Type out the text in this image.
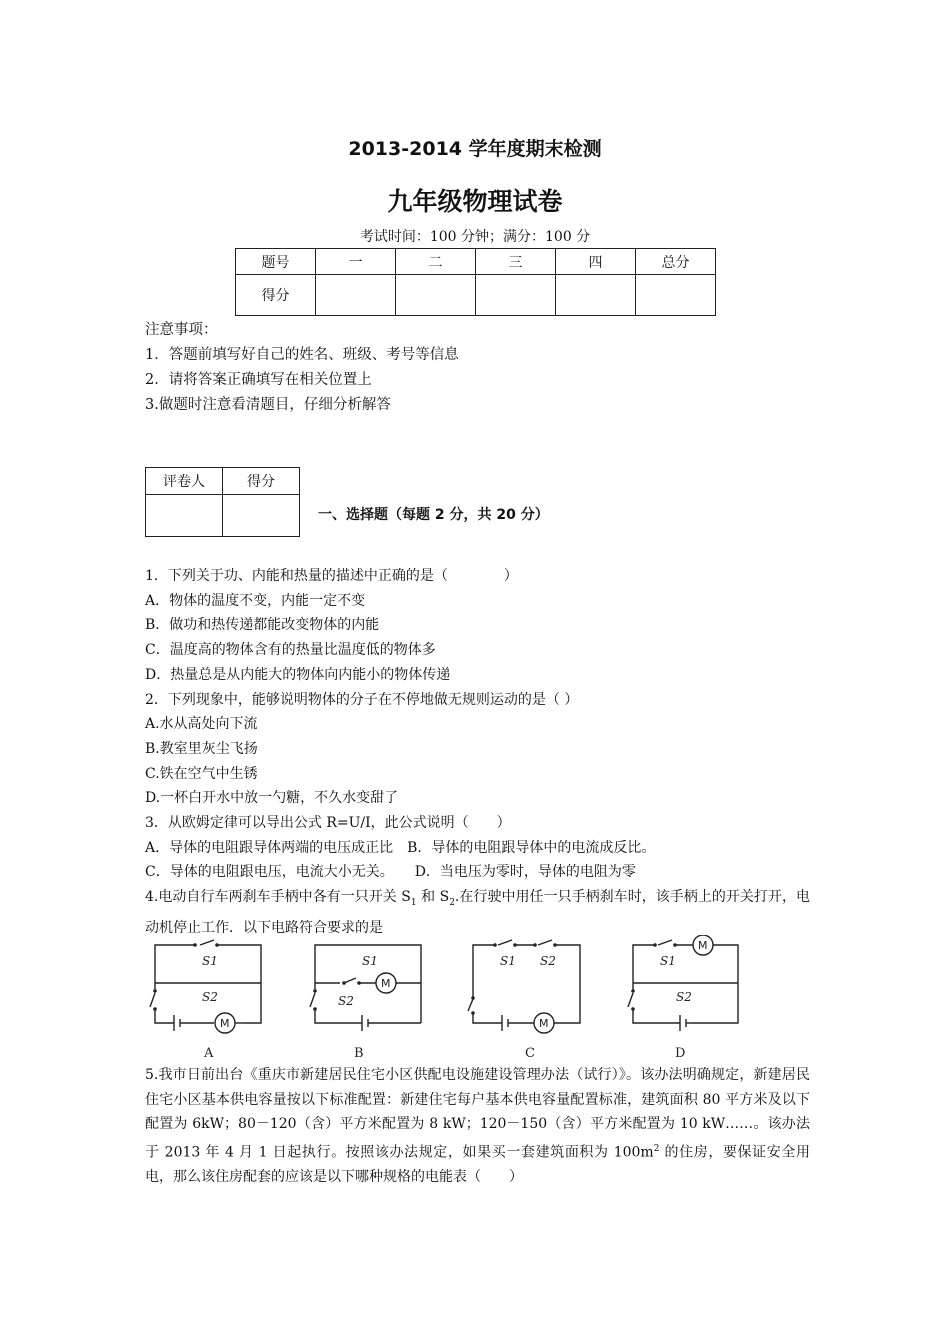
2013-2014 学年度期末检测
九年级物理试卷
考试时间：100 分钟；满分：100 分
题号	一	二	三	四	总分
得分					
注意事项：
1．答题前填写好自己的姓名、班级、考号等信息
2．请将答案正确填写在相关位置上
3.做题时注意看清题目，仔细分析解答
评卷人	得分

一、选择题（每题 2 分，共 20 分）
1．下列关于功、内能和热量的描述中正确的是（　　　　）
A．物体的温度不变，内能一定不变
B．做功和热传递都能改变物体的内能
C．温度高的物体含有的热量比温度低的物体多
D．热量总是从内能大的物体向内能小的物体传递
2．下列现象中，能够说明物体的分子在不停地做无规则运动的是（ ）
A.水从高处向下流
B.教室里灰尘飞扬
C.铁在空气中生锈
D.一杯白开水中放一勺糖，不久水变甜了
3．从欧姆定律可以导出公式 R=U/I，此公式说明（　　）
A．导体的电阻跟导体两端的电压成正比　B．导体的电阻跟导体中的电流成反比。
C．导体的电阻跟电压，电流大小无关。　　D．当电压为零时，导体的电阻为零
4.电动自行车两刹车手柄中各有一只开关 $S_1$ 和 $S_2$.在行驶中用任一只手柄刹车时，该手柄上的开关打开，电动机停止工作．以下电路符合要求的是
S1
S2
M
A
S1
S2
M
B
S1 S2
M
C
S1
S2
M
D
5.我市日前出台《重庆市新建居民住宅小区供配电设施建设管理办法（试行）》。该办法明确规定，新建居民住宅小区基本供电容量按以下标准配置：新建住宅每户基本供电容量配置标准，建筑面积 80 平方米及以下配置为 6kW；80－120（含）平方米配置为 8 kW；120－150（含）平方米配置为 10 kW……。该办法于 2013 年 4 月 1 日起执行。按照该办法规定，如果买一套建筑面积为 $100m^2$ 的住房，要保证安全用电，那么该住房配套的应该是以下哪种规格的电能表（　　）
